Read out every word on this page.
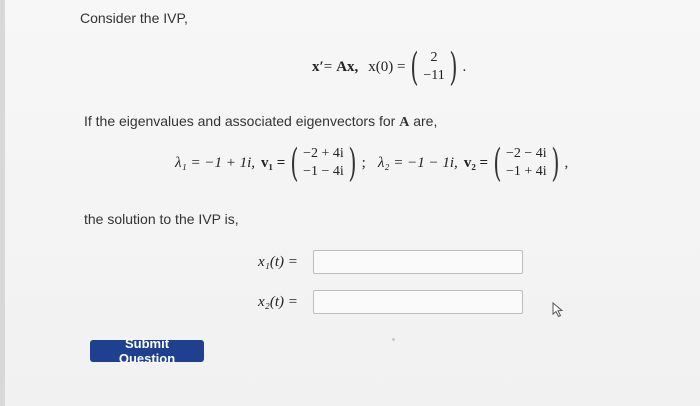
Consider the IVP,
x′ = Ax, x(0) = ( 2
−11 ) .
If the eigenvalues and associated eigenvectors for A are,
λ₁ = −1 + 1i, v₁ = ( −2 + 4i
−1 − 4i ) ; λ₂ = −1 − 1i, v₂ = ( −2 − 4i
−1 + 4i ) ,
the solution to the IVP is,
x₁(t) =
x₂(t) =
Submit Question
